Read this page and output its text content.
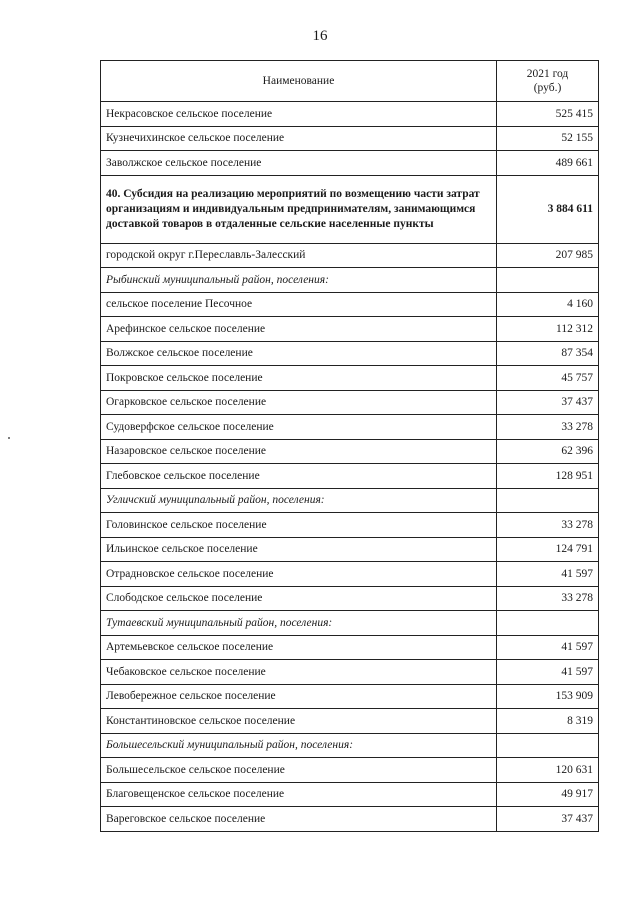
16
Наименование	2021 год
(руб.)

Некрасовское сельское поселение	525 415
Кузнечихинское сельское поселение	52 155
Заволжское сельское поселение	489 661
40. Субсидия на реализацию мероприятий по возмещению части затрат организациям и индивидуальным предпринимателям, занимающимся доставкой товаров в отдаленные сельские населенные пункты	3 884 611
городской округ г.Переславль-Залесский	207 985
Рыбинский муниципальный район, поселения:	
сельское поселение Песочное	4 160
Арефинское сельское поселение	112 312
Волжское сельское поселение	87 354
Покровское сельское поселение	45 757
Огарковское сельское поселение	37 437
Судоверфское сельское поселение	33 278
Назаровское сельское поселение	62 396
Глебовское сельское поселение	128 951
Угличский муниципальный район, поселения:	
Головинское сельское поселение	33 278
Ильинское сельское поселение	124 791
Отрадновское сельское поселение	41 597
Слободское сельское поселение	33 278
Тутаевский муниципальный район, поселения:	
Артемьевское сельское поселение	41 597
Чебаковское сельское поселение	41 597
Левобережное сельское поселение	153 909
Константиновское сельское поселение	8 319
Большесельский муниципальный район, поселения:	
Большесельское сельское поселение	120 631
Благовещенское сельское поселение	49 917
Вареговское сельское поселение	37 437
